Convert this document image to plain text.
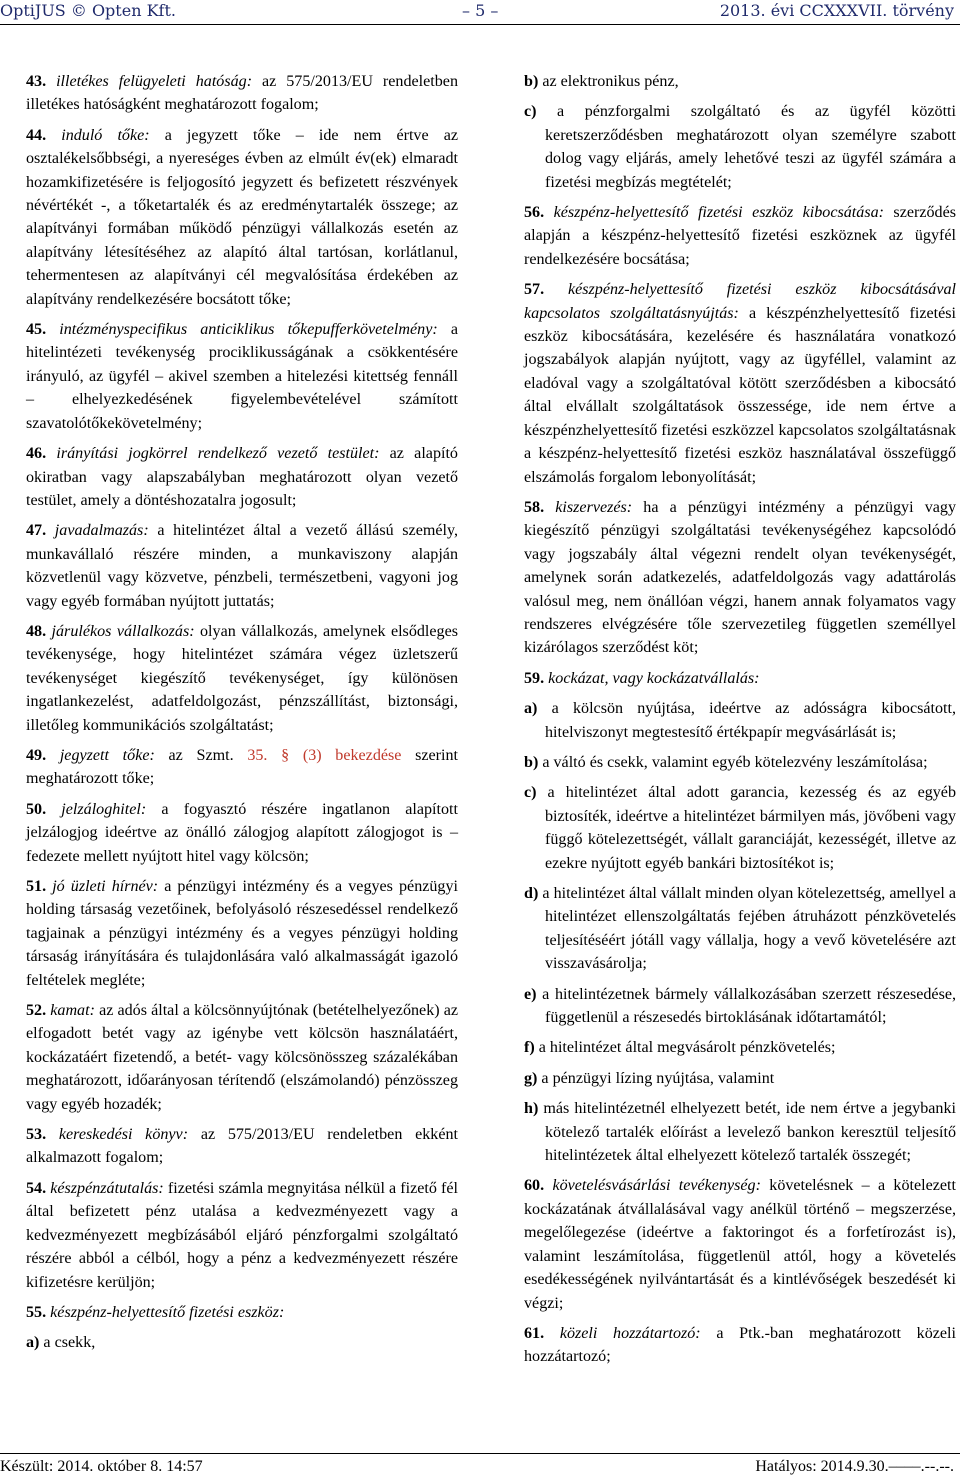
OptiJUS © Opten Kft.	– 5 –	2013. évi CCXXXVII. törvény
43. illetékes felügyeleti hatóság: az 575/2013/EU rendeletben illetékes hatóságként meghatározott fogalom;
44. induló tőke: a jegyzett tőke – ide nem értve az osztalékelsőbbségi, a nyereséges évben az elmúlt év(ek) elmaradt hozamkifizetésére is feljogosító jegyzett és befizetett részvények névértékét -, a tőketartalék és az eredménytartalék összege; az alapítványi formában működő pénzügyi vállalkozás esetén az alapítvány létesítéséhez az alapító által tartósan, korlátlanul, tehermentesen az alapítványi cél megvalósítása érdekében az alapítvány rendelkezésére bocsátott tőke;
45. intézményspecifikus anticiklikus tőkepufferkövetelmény: a hitelintézeti tevékenység prociklikusságának a csökkentésére irányuló, az ügyfél – akivel szemben a hitelezési kitettség fennáll – elhelyezkedésének figyelembevételével számított szavatolótőkekövetelmény;
46. irányítási jogkörrel rendelkező vezető testület: az alapító okiratban vagy alapszabályban meghatározott olyan vezető testület, amely a döntéshozatalra jogosult;
47. javadalmazás: a hitelintézet által a vezető állású személy, munkavállaló részére minden, a munkaviszony alapján közvetlenül vagy közvetve, pénzbeli, természetbeni, vagyoni jog vagy egyéb formában nyújtott juttatás;
48. járulékos vállalkozás: olyan vállalkozás, amelynek elsődleges tevékenysége, hogy hitelintézet számára végez üzletszerű tevékenységet kiegészítő tevékenységet, így különösen ingatlankezelést, adatfeldolgozást, pénzszállítást, biztonsági, illetőleg kommunikációs szolgáltatást;
49. jegyzett tőke: az Szmt. 35. § (3) bekezdése szerint meghatározott tőke;
50. jelzáloghitel: a fogyasztó részére ingatlanon alapított jelzálogjog ideértve az önálló zálogjog alapított zálogjogot is – fedezete mellett nyújtott hitel vagy kölcsön;
51. jó üzleti hírnév: a pénzügyi intézmény és a vegyes pénzügyi holding társaság vezetőinek, befolyásoló részesedéssel rendelkező tagjainak a pénzügyi intézmény és a vegyes pénzügyi holding társaság irányítására és tulajdonlására való alkalmasságát igazoló feltételek megléte;
52. kamat: az adós által a kölcsönnyújtónak (betételhelyezőnek) az elfogadott betét vagy az igénybe vett kölcsön használatáért, kockázatáért fizetendő, a betét- vagy kölcsönösszeg százalékában meghatározott, időarányosan térítendő (elszámolandó) pénzösszeg vagy egyéb hozadék;
53. kereskedési könyv: az 575/2013/EU rendeletben ekként alkalmazott fogalom;
54. készpénzátutalás: fizetési számla megnyitása nélkül a fizető fél által befizetett pénz utalása a kedvezményezett vagy a kedvezményezett megbízásából eljáró pénzforgalmi szolgáltató részére abból a célból, hogy a pénz a kedvezményezett részére kifizetésre kerüljön;
55. készpénz-helyettesítő fizetési eszköz:
a) a csekk,
b) az elektronikus pénz,
c) a pénzforgalmi szolgáltató és az ügyfél közötti keretszerződésben meghatározott olyan személyre szabott dolog vagy eljárás, amely lehetővé teszi az ügyfél számára a fizetési megbízás megtételét;
56. készpénz-helyettesítő fizetési eszköz kibocsátása: szerződés alapján a készpénz-helyettesítő fizetési eszköznek az ügyfél rendelkezésére bocsátása;
57. készpénz-helyettesítő fizetési eszköz kibocsátásával kapcsolatos szolgáltatásnyújtás: a készpénzhelyettesítő fizetési eszköz kibocsátására, kezelésére és használatára vonatkozó jogszabályok alapján nyújtott, vagy az ügyféllel, valamint az eladóval vagy a szolgáltatóval kötött szerződésben a kibocsátó által elvállalt szolgáltatások összessége, ide nem értve a készpénzhelyettesítő fizetési eszközzel kapcsolatos szolgáltatásnak a készpénz-helyettesítő fizetési eszköz használatával összefüggő elszámolás forgalom lebonyolítását;
58. kiszervezés: ha a pénzügyi intézmény a pénzügyi vagy kiegészítő pénzügyi szolgáltatási tevékenységéhez kapcsolódó vagy jogszabály által végezni rendelt olyan tevékenységét, amelynek során adatkezelés, adatfeldolgozás vagy adattárolás valósul meg, nem önállóan végzi, hanem annak folyamatos vagy rendszeres elvégzésére tőle szervezetileg független személlyel kizárólagos szerződést köt;
59. kockázat, vagy kockázatvállalás:
a) a kölcsön nyújtása, ideértve az adósságra kibocsátott, hitelviszonyt megtestesítő értékpapír megvásárlását is;
b) a váltó és csekk, valamint egyéb kötelezvény leszámítolása;
c) a hitelintézet által adott garancia, kezesség és az egyéb biztosíték, ideértve a hitelintézet bármilyen más, jövőbeni vagy függő kötelezettségét, vállalt garanciáját, kezességét, illetve az ezekre nyújtott egyéb bankári biztosítékot is;
d) a hitelintézet által vállalt minden olyan kötelezettség, amellyel a hitelintézet ellenszolgáltatás fejében átruházott pénzkövetelés teljesítéséért jótáll vagy vállalja, hogy a vevő követelésére azt visszavásárolja;
e) a hitelintézetnek bármely vállalkozásában szerzett részesedése, függetlenül a részesedés birtoklásának időtartamától;
f) a hitelintézet által megvásárolt pénzkövetelés;
g) a pénzügyi lízing nyújtása, valamint
h) más hitelintézetnél elhelyezett betét, ide nem értve a jegybanki kötelező tartalék előírást a levelező bankon keresztül teljesítő hitelintézetek által elhelyezett kötelező tartalék összegét;
60. követelésvásárlási tevékenység: követelésnek – a kötelezett kockázatának átvállalásával vagy anélkül történő – megszerzése, megelőlegezése (ideértve a faktoringot és a forfetírozást is), valamint leszámítolása, függetlenül attól, hogy a követelés esedékességének nyilvántartását és a kintlévőségek beszedését ki végzi;
61. közeli hozzátartozó: a Ptk.-ban meghatározott közeli hozzátartozó;
Készült: 2014. október 8. 14:57	Hatályos: 2014.9.30.––––.--.--.
